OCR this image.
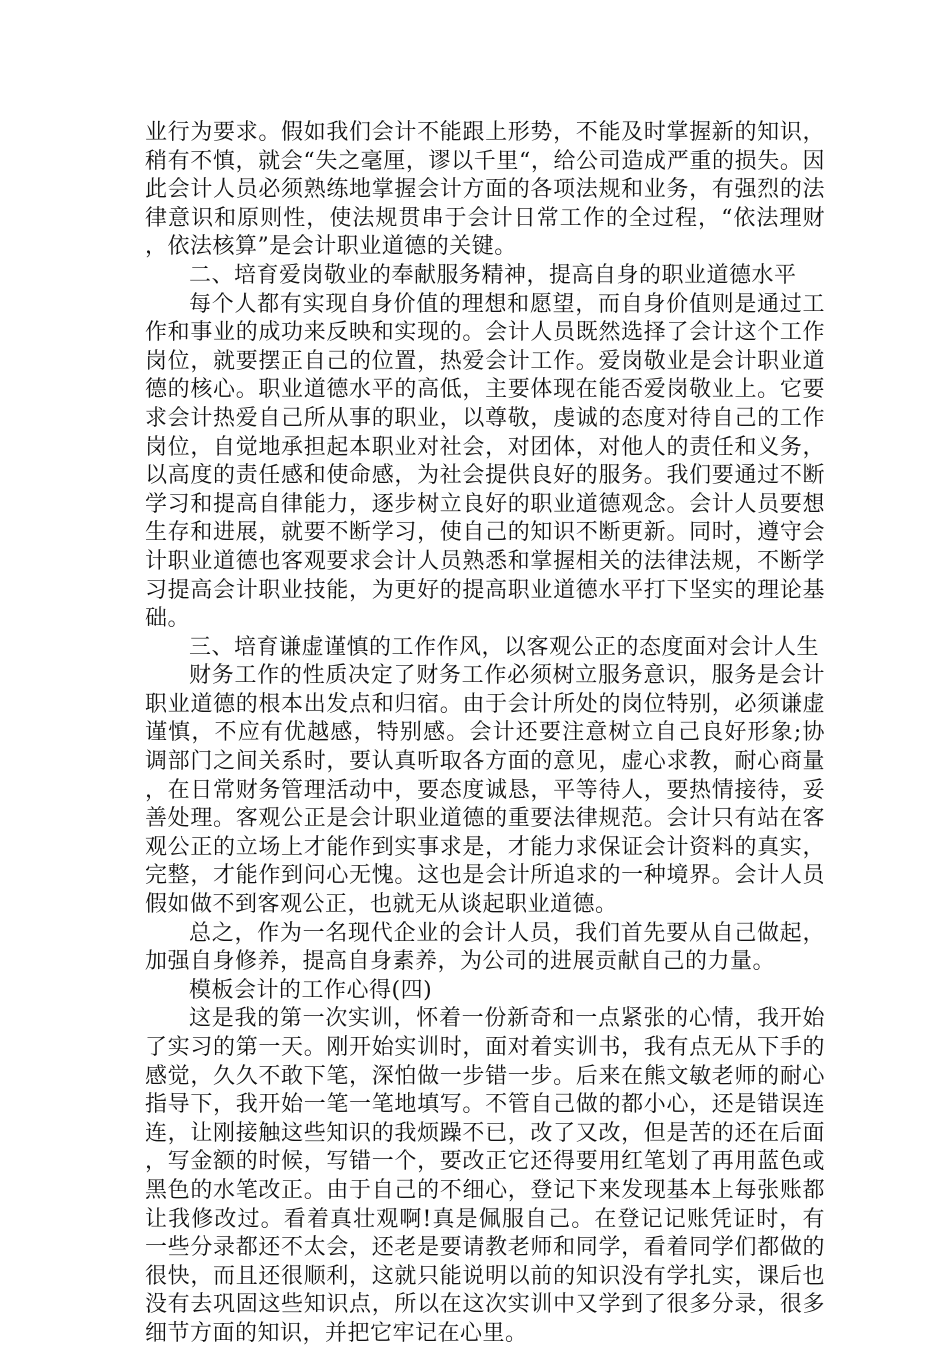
业行为要求。假如我们会计不能跟上形势，不能及时掌握新的知识，稍有不慎，就会“失之毫厘，谬以千里“，给公司造成严重的损失。因此会计人员必须熟练地掌握会计方面的各项法规和业务，有强烈的法律意识和原则性，使法规贯串于会计日常工作的全过程，“依法理财，依法核算”是会计职业道德的关键。

二、培育爱岗敬业的奉献服务精神，提高自身的职业道德水平

每个人都有实现自身价值的理想和愿望，而自身价值则是通过工作和事业的成功来反映和实现的。会计人员既然选择了会计这个工作岗位，就要摆正自己的位置，热爱会计工作。爱岗敬业是会计职业道德的核心。职业道德水平的高低，主要体现在能否爱岗敬业上。它要求会计热爱自己所从事的职业，以尊敬，虔诚的态度对待自己的工作岗位，自觉地承担起本职业对社会，对团体，对他人的责任和义务，以高度的责任感和使命感，为社会提供良好的服务。我们要通过不断学习和提高自律能力，逐步树立良好的职业道德观念。会计人员要想生存和进展，就要不断学习，使自己的知识不断更新。同时，遵守会计职业道德也客观要求会计人员熟悉和掌握相关的法律法规，不断学习提高会计职业技能，为更好的提高职业道德水平打下坚实的理论基础。

三、培育谦虚谨慎的工作作风，以客观公正的态度面对会计人生

财务工作的性质决定了财务工作必须树立服务意识，服务是会计职业道德的根本出发点和归宿。由于会计所处的岗位特别，必须谦虚谨慎，不应有优越感，特别感。会计还要注意树立自己良好形象;协调部门之间关系时，要认真听取各方面的意见，虚心求教，耐心商量，在日常财务管理活动中，要态度诚恳，平等待人，要热情接待，妥善处理。客观公正是会计职业道德的重要法律规范。会计只有站在客观公正的立场上才能作到实事求是，才能力求保证会计资料的真实，完整，才能作到问心无愧。这也是会计所追求的一种境界。会计人员假如做不到客观公正，也就无从谈起职业道德。

总之，作为一名现代企业的会计人员，我们首先要从自己做起，加强自身修养，提高自身素养，为公司的进展贡献自己的力量。

模板会计的工作心得(四)

这是我的第一次实训，怀着一份新奇和一点紧张的心情，我开始了实习的第一天。刚开始实训时，面对着实训书，我有点无从下手的感觉，久久不敢下笔，深怕做一步错一步。后来在熊文敏老师的耐心指导下，我开始一笔一笔地填写。不管自己做的都小心，还是错误连连，让刚接触这些知识的我烦躁不已，改了又改，但是苦的还在后面，写金额的时候，写错一个，要改正它还得要用红笔划了再用蓝色或黑色的水笔改正。由于自己的不细心，登记下来发现基本上每张账都让我修改过。看着真壮观啊!真是佩服自己。在登记记账凭证时，有一些分录都还不太会，还老是要请教老师和同学，看着同学们都做的很快，而且还很顺利，这就只能说明以前的知识没有学扎实，课后也没有去巩固这些知识点，所以在这次实训中又学到了很多分录，很多细节方面的知识，并把它牢记在心里。
